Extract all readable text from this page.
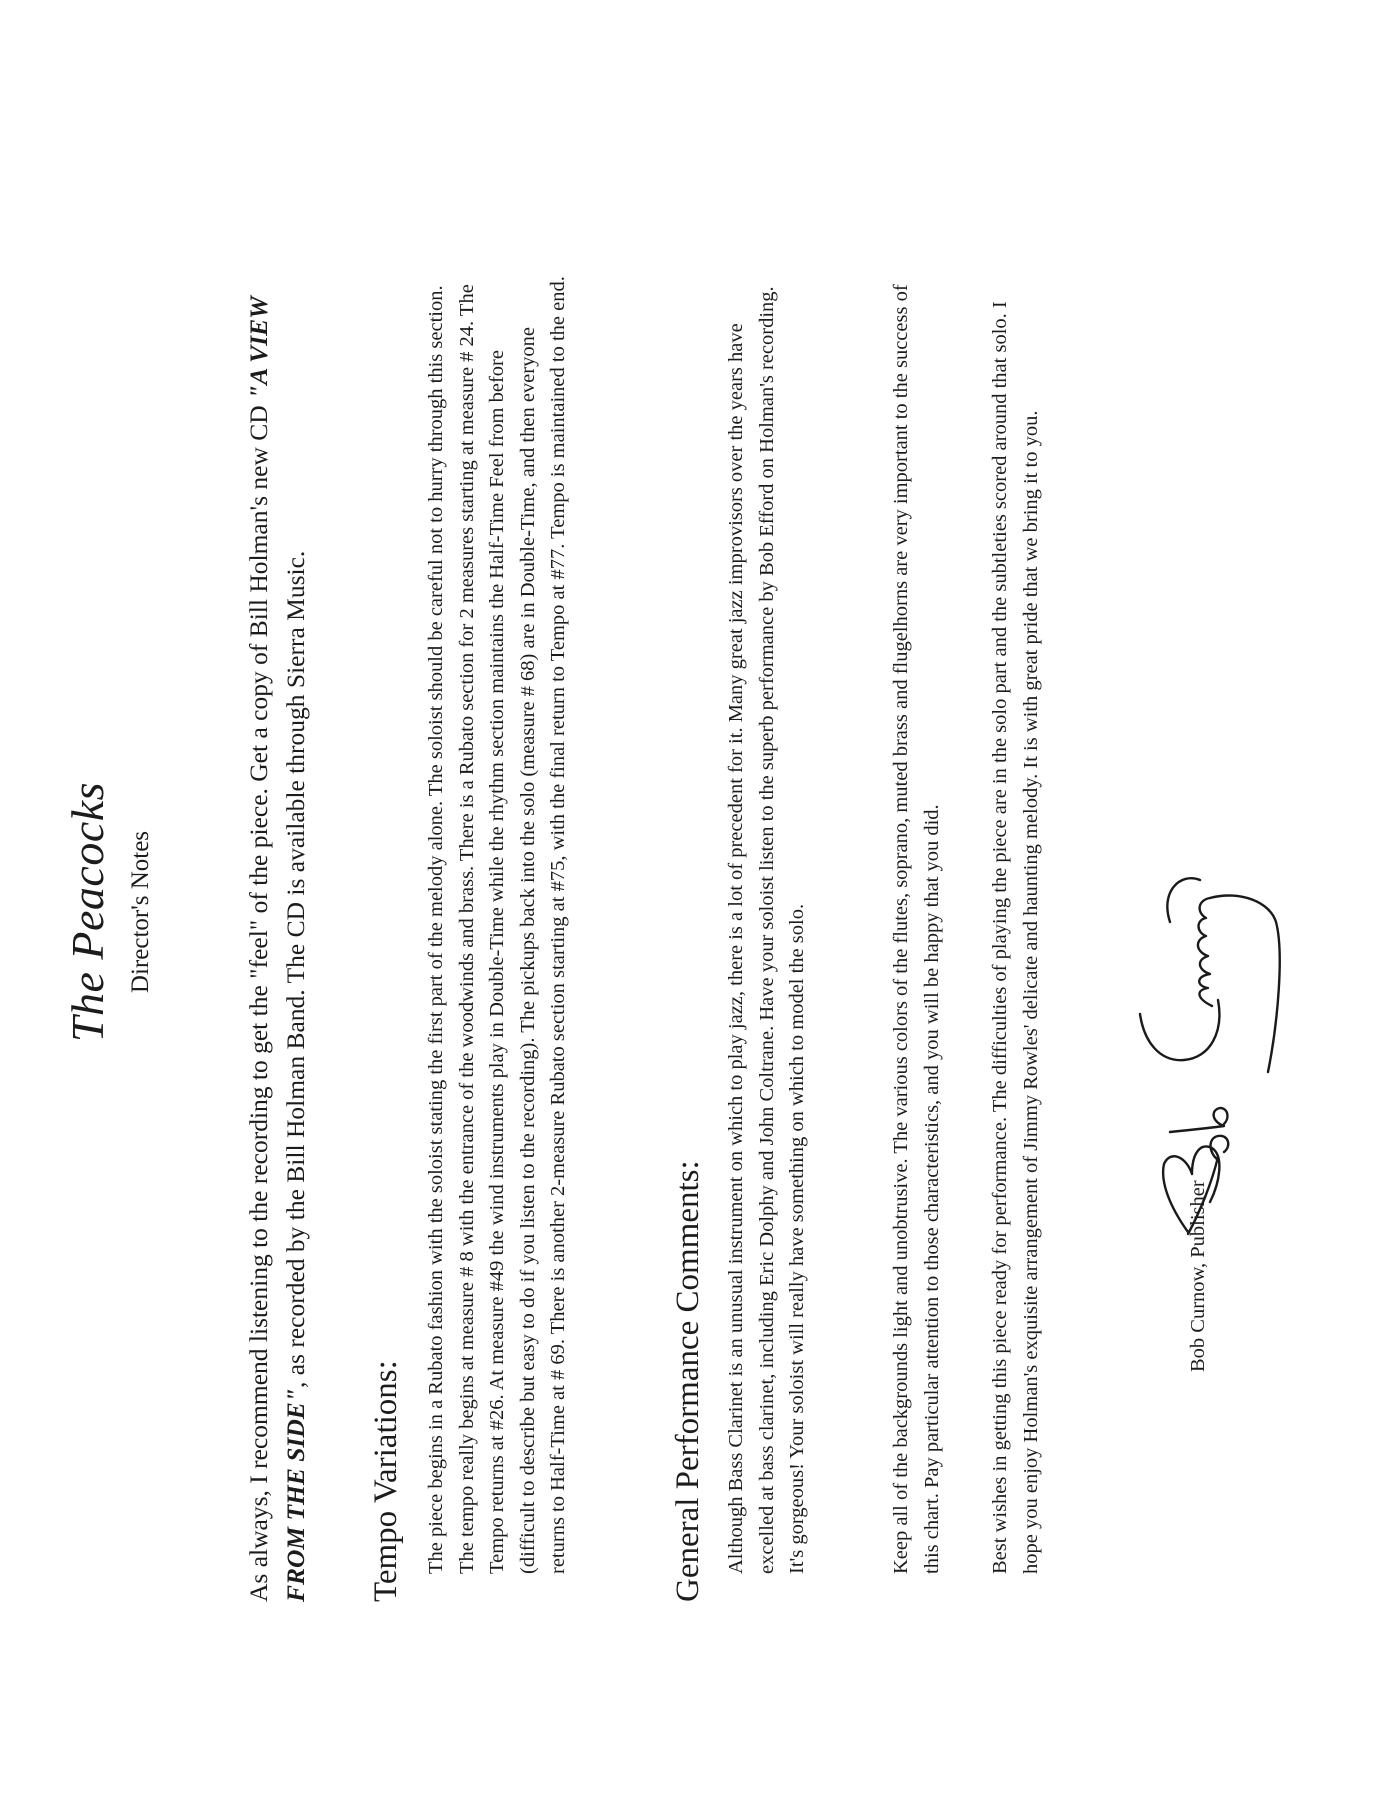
The Peacocks Director's Notes	As always, I recommend listening to the recording to get the "feel" of the piece. Get a copy of Bill Holman's new CD "A VIEW FROM THE SIDE", as recorded by the Bill Holman Band. The CD is available through Sierra Music.

Tempo Variations: The piece begins in a Rubato fashion with the soloist stating the first part of the melody alone. The soloist should be careful not to hurry through this section. The tempo really begins at measure # 8 with the entrance of the woodwinds and brass. There is a Rubato section for 2 measures starting at measure # 24. The Tempo returns at #26. At measure #49 the wind instruments play in Double-Time while the rhythm section maintains the Half-Time Feel from before (difficult to describe but easy to do if you listen to the recording). The pickups back into the solo (measure # 68) are in Double-Time, and then everyone returns to Half-Time at # 69. There is another 2-measure Rubato section starting at #75, with the final return to Tempo at #77. Tempo is maintained to the end.	General Performance Comments: Although Bass Clarinet is an unusual instrument on which to play jazz, there is a lot of precedent for it. Many great jazz improvisors over the years have excelled at bass clarinet, including Eric Dolphy and John Coltrane. Have your soloist listen to the superb performance by Bob Efford on Holman's recording. It's gorgeous! Your soloist will really have something on which to model the solo.	Keep all of the backgrounds light and unobtrusive. The various colors of the flutes, soprano, muted brass and flugelhorns are very important to the success of this chart. Pay particular attention to those characteristics, and you will be happy that you did. Best wishes in getting this piece ready for performance. The difficulties of playing the piece are in the solo part and the subtleties scored around that solo. I hope you enjoy Holman's exquisite arrangement of Jimmy Rowles' delicate and haunting melody. It is with great pride that we bring it to you.	Bob Curnow, Publisher
